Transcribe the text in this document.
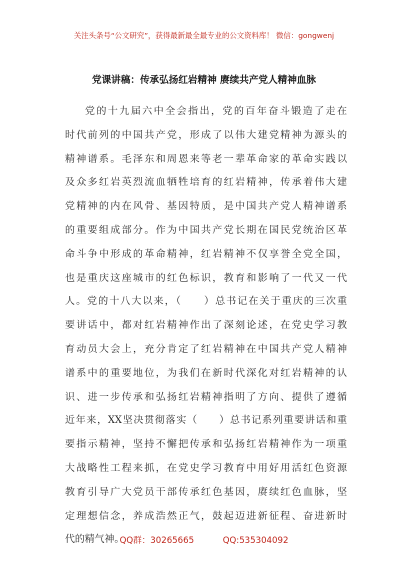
关注头条号“公文研究”，获得最新最全最专业的公文资料库！ 微信：gongwenj
党课讲稿：传承弘扬红岩精神 赓续共产党人精神血脉
党的十九届六中全会指出，党的百年奋斗锻造了走在
时代前列的中国共产党，形成了以伟大建党精神为源头的
精神谱系。毛泽东和周恩来等老一辈革命家的革命实践以
及众多红岩英烈流血牺牲培育的红岩精神，传承着伟大建
党精神的内在风骨、基因特质，是中国共产党人精神谱系
的重要组成部分。作为中国共产党长期在国民党统治区革
命斗争中形成的革命精神，红岩精神不仅享誉全党全国，
也是重庆这座城市的红色标识，教育和影响了一代又一代
人。党的十八大以来，（　　）总书记在关于重庆的三次重
要讲话中，都对红岩精神作出了深刻论述，在党史学习教
育动员大会上，充分肯定了红岩精神在中国共产党人精神
谱系中的重要地位，为我们在新时代深化对红岩精神的认
识、进一步传承和弘扬红岩精神指明了方向、提供了遵循
近年来，XX坚决贯彻落实（　　）总书记系列重要讲话和重
要指示精神，坚持不懈把传承和弘扬红岩精神作为一项重
大战略性工程来抓，在党史学习教育中用好用活红色资源
教育引导广大党员干部传承红色基因，赓续红色血脉，坚
定理想信念，养成浩然正气，鼓起迈进新征程、奋进新时
代的精气神。
QQ群：30265665	QQ:535304092
